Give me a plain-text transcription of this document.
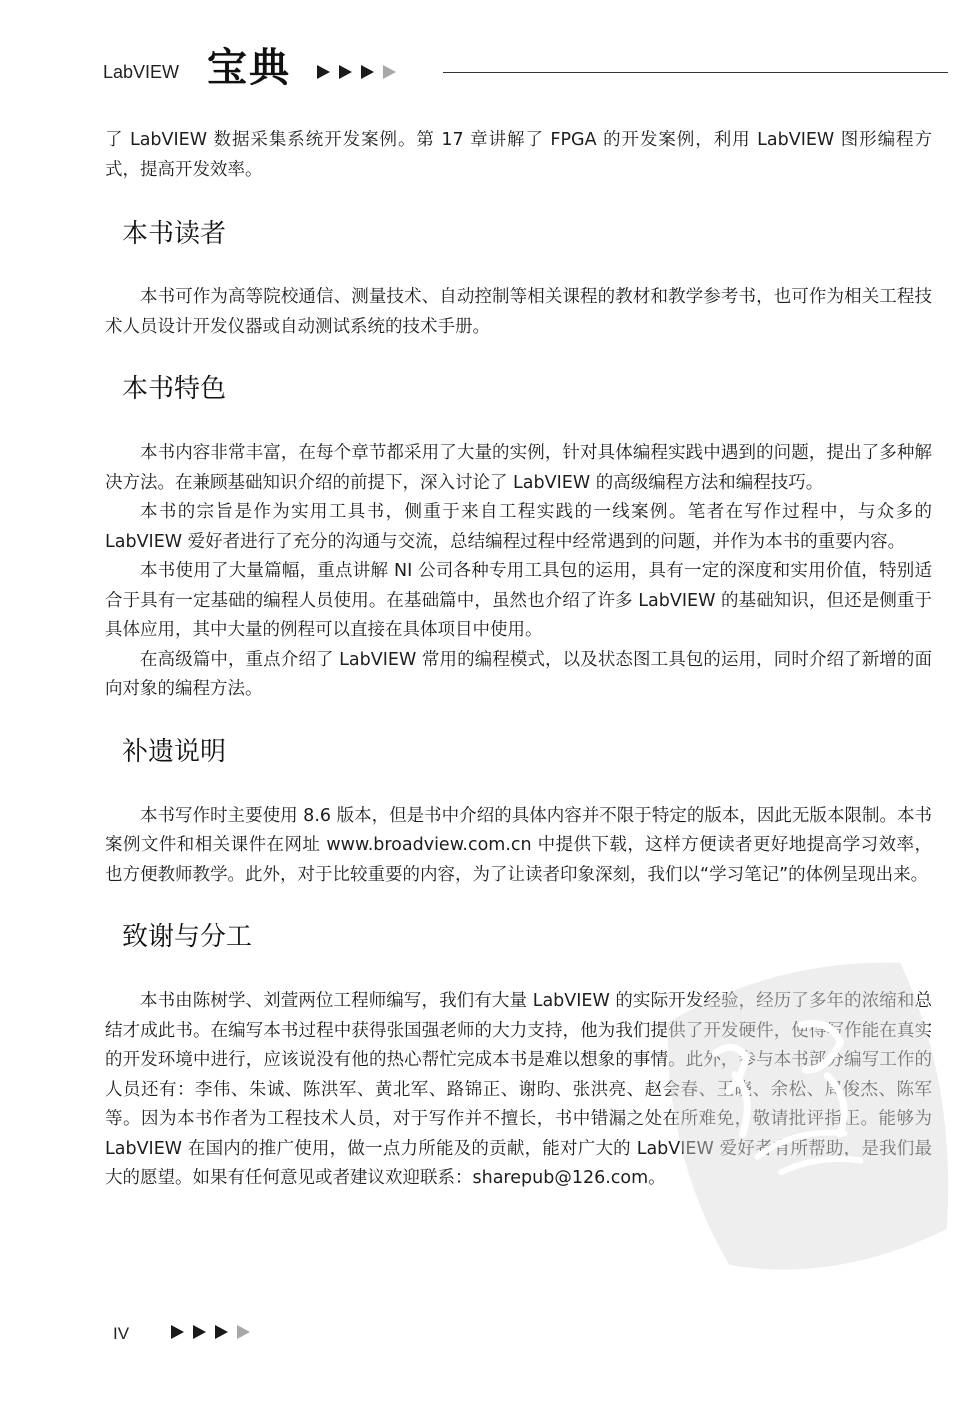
LabVIEW 宝典

了 LabVIEW 数据采集系统开发案例。第 17 章讲解了 FPGA 的开发案例，利用 LabVIEW 图形编程方式，提高开发效率。

本书读者

本书可作为高等院校通信、测量技术、自动控制等相关课程的教材和教学参考书，也可作为相关工程技术人员设计开发仪器或自动测试系统的技术手册。

本书特色

本书内容非常丰富，在每个章节都采用了大量的实例，针对具体编程实践中遇到的问题，提出了多种解决方法。在兼顾基础知识介绍的前提下，深入讨论了 LabVIEW 的高级编程方法和编程技巧。

本书的宗旨是作为实用工具书，侧重于来自工程实践的一线案例。笔者在写作过程中，与众多的 LabVIEW 爱好者进行了充分的沟通与交流，总结编程过程中经常遇到的问题，并作为本书的重要内容。

本书使用了大量篇幅，重点讲解 NI 公司各种专用工具包的运用，具有一定的深度和实用价值，特别适合于具有一定基础的编程人员使用。在基础篇中，虽然也介绍了许多 LabVIEW 的基础知识，但还是侧重于具体应用，其中大量的例程可以直接在具体项目中使用。

在高级篇中，重点介绍了 LabVIEW 常用的编程模式，以及状态图工具包的运用，同时介绍了新增的面向对象的编程方法。

补遗说明

本书写作时主要使用 8.6 版本，但是书中介绍的具体内容并不限于特定的版本，因此无版本限制。本书案例文件和相关课件在网址 www.broadview.com.cn 中提供下载，这样方便读者更好地提高学习效率，也方便教师教学。此外，对于比较重要的内容，为了让读者印象深刻，我们以“学习笔记”的体例呈现出来。

致谢与分工

本书由陈树学、刘萱两位工程师编写，我们有大量 LabVIEW 的实际开发经验，经历了多年的浓缩和总结才成此书。在编写本书过程中获得张国强老师的大力支持，他为我们提供了开发硬件，使得写作能在真实的开发环境中进行，应该说没有他的热心帮忙完成本书是难以想象的事情。此外，参与本书部分编写工作的人员还有：李伟、朱诚、陈洪军、黄北军、路锦正、谢昀、张洪亮、赵会春、王晓、余松、周俊杰、陈军等。因为本书作者为工程技术人员，对于写作并不擅长，书中错漏之处在所难免，敬请批评指正。能够为 LabVIEW 在国内的推广使用，做一点力所能及的贡献，能对广大的 LabVIEW 爱好者有所帮助，是我们最大的愿望。如果有任何意见或者建议欢迎联系：sharepub@126.com。

IV
